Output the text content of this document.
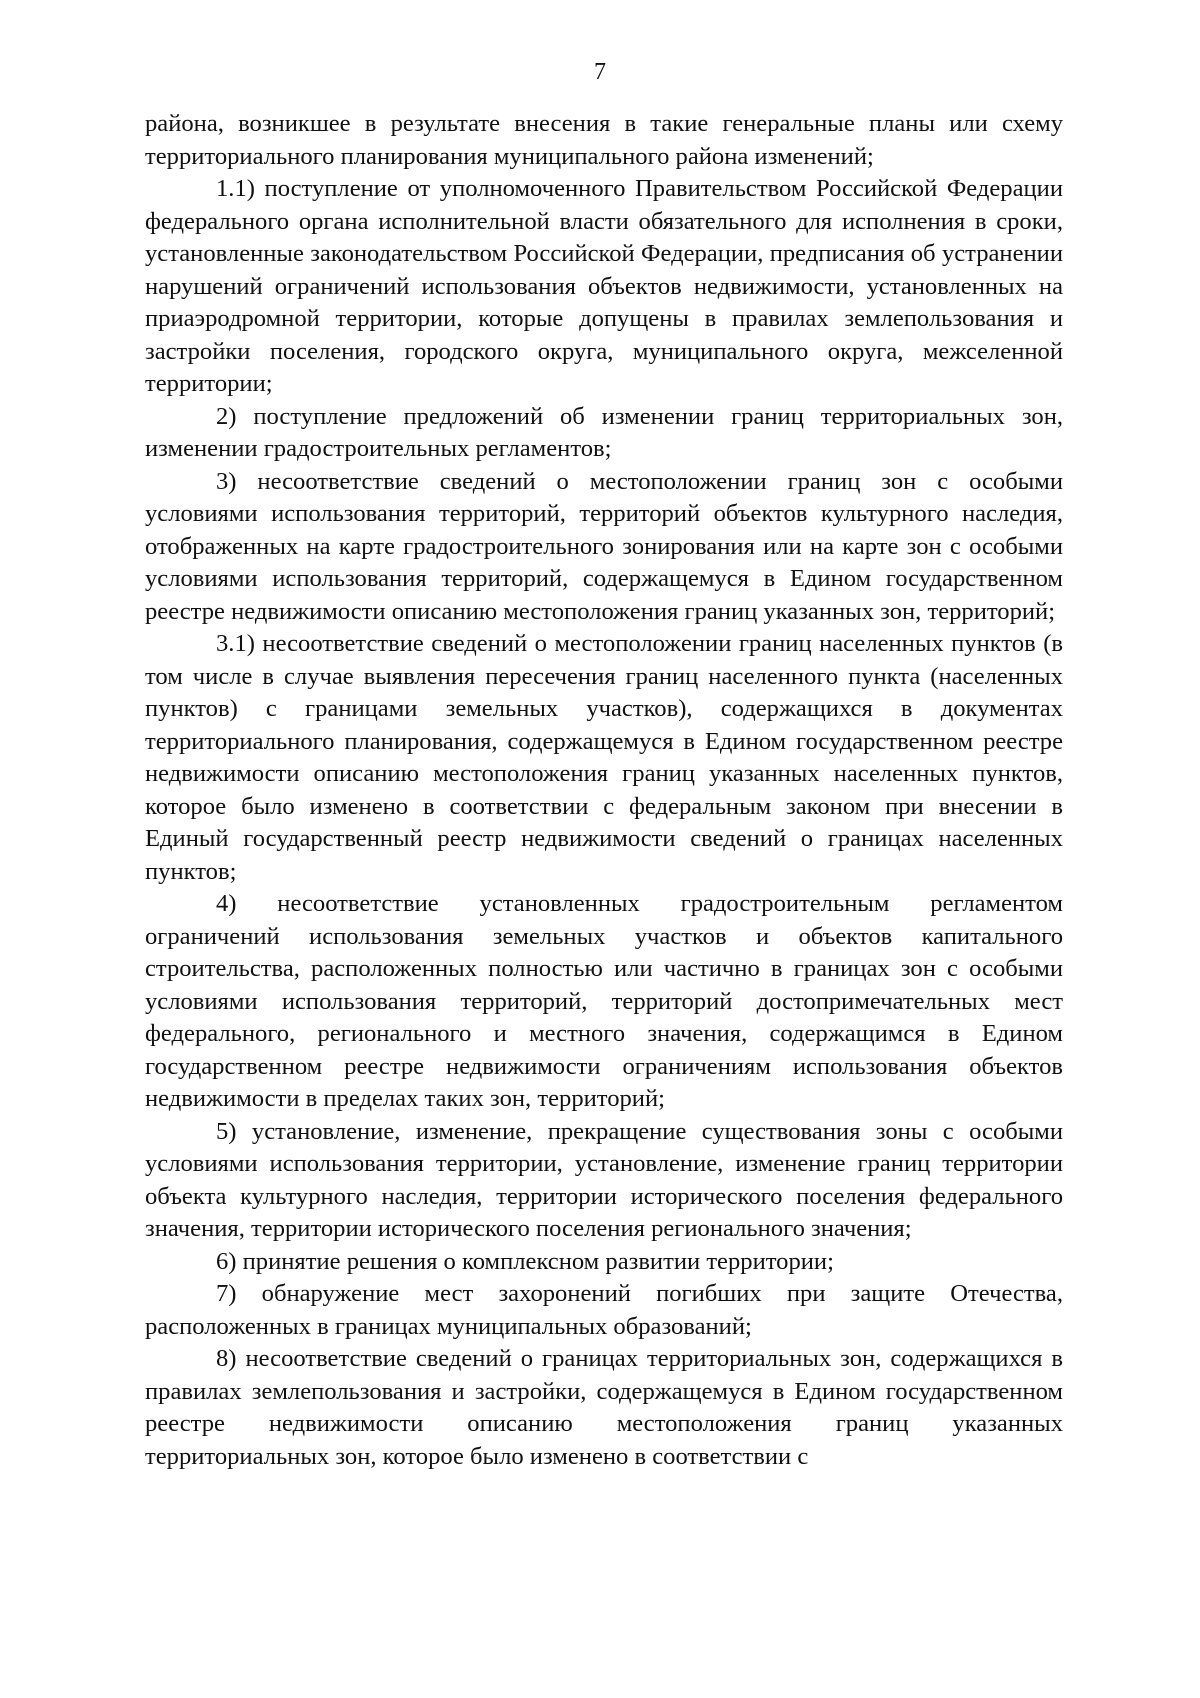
7

района, возникшее в результате внесения в такие генеральные планы или схему территориального планирования муниципального района изменений;

1.1) поступление от уполномоченного Правительством Российской Федерации федерального органа исполнительной власти обязательного для исполнения в сроки, установленные законодательством Российской Федерации, предписания об устранении нарушений ограничений использования объектов недвижимости, установленных на приаэродромной территории, которые допущены в правилах землепользования и застройки поселения, городского округа, муниципального округа, межселенной территории;

2) поступление предложений об изменении границ территориальных зон, изменении градостроительных регламентов;

3) несоответствие сведений о местоположении границ зон с особыми условиями использования территорий, территорий объектов культурного наследия, отображенных на карте градостроительного зонирования или на карте зон с особыми условиями использования территорий, содержащемуся в Едином государственном реестре недвижимости описанию местоположения границ указанных зон, территорий;

3.1) несоответствие сведений о местоположении границ населенных пунктов (в том числе в случае выявления пересечения границ населенного пункта (населенных пунктов) с границами земельных участков), содержащихся в документах территориального планирования, содержащемуся в Едином государственном реестре недвижимости описанию местоположения границ указанных населенных пунктов, которое было изменено в соответствии с федеральным законом при внесении в Единый государственный реестр недвижимости сведений о границах населенных пунктов;

4) несоответствие установленных градостроительным регламентом ограничений использования земельных участков и объектов капитального строительства, расположенных полностью или частично в границах зон с особыми условиями использования территорий, территорий достопримечательных мест федерального, регионального и местного значения, содержащимся в Едином государственном реестре недвижимости ограничениям использования объектов недвижимости в пределах таких зон, территорий;

5) установление, изменение, прекращение существования зоны с особыми условиями использования территории, установление, изменение границ территории объекта культурного наследия, территории исторического поселения федерального значения, территории исторического поселения регионального значения;

6) принятие решения о комплексном развитии территории;

7) обнаружение мест захоронений погибших при защите Отечества, расположенных в границах муниципальных образований;

8) несоответствие сведений о границах территориальных зон, содержащихся в правилах землепользования и застройки, содержащемуся в Едином государственном реестре недвижимости описанию местоположения границ указанных территориальных зон, которое было изменено в соответствии с
